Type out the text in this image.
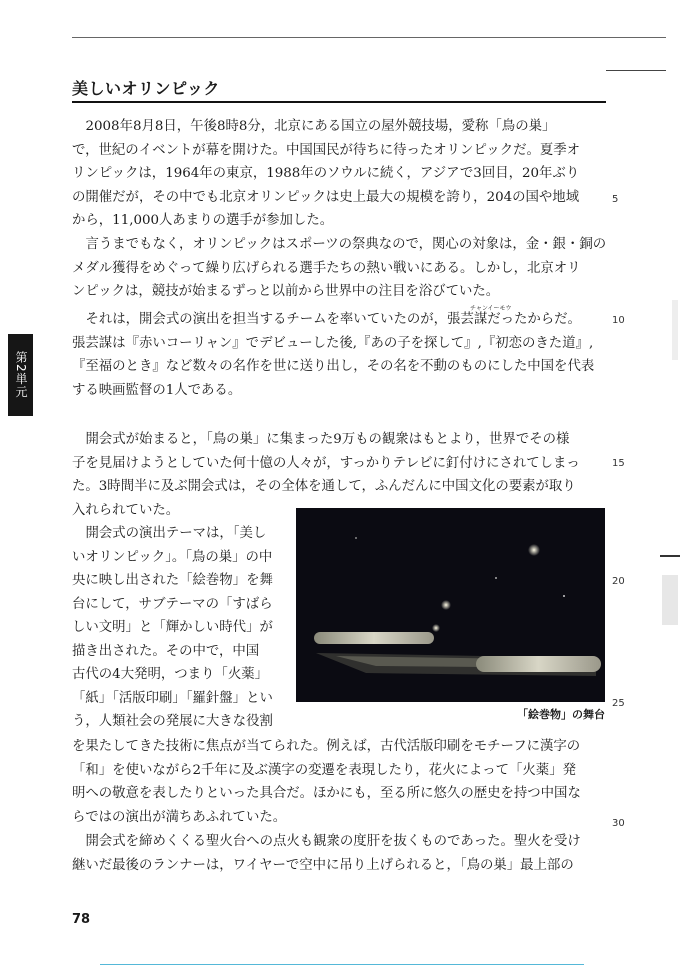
美しいオリンピック
第2単元
2008年8月8日，午後8時8分，北京にある国立の屋外競技場，愛称「鳥の巣」
で，世紀のイベントが幕を開けた。中国国民が待ちに待ったオリンピックだ。夏季オ
リンピックは，1964年の東京，1988年のソウルに続く，アジアで3回目，20年ぶり
の開催だが，その中でも北京オリンピックは史上最大の規模を誇り，204の国や地域
から，11,000人あまりの選手が参加した。
言うまでもなく，オリンピックはスポーツの祭典なので，関心の対象は，金・銀・銅の
メダル獲得をめぐって繰り広げられる選手たちの熱い戦いにある。しかし，北京オリ
ンピックは，競技が始まるずっと以前から世界中の注目を浴びていた。
チャンイーモウ
それは，開会式の演出を担当するチームを率いていたのが，張芸謀だったからだ。
張芸謀は『赤いコーリャン』でデビューした後,『あの子を探して』,『初恋のきた道』,
『至福のとき』など数々の名作を世に送り出し，その名を不動のものにした中国を代表
する映画監督の1人である。
開会式が始まると，「鳥の巣」に集まった9万もの観衆はもとより，世界でその様
子を見届けようとしていた何十億の人々が，すっかりテレビに釘付けにされてしまっ
た。3時間半に及ぶ開会式は，その全体を通して，ふんだんに中国文化の要素が取り
入れられていた。
開会式の演出テーマは，「美し
いオリンピック」。「鳥の巣」の中
央に映し出された「絵巻物」を舞
台にして，サブテーマの「すばら
しい文明」と「輝かしい時代」が
描き出された。その中で，中国
古代の4大発明，つまり「火薬」
「紙」「活版印刷」「羅針盤」とい
う，人類社会の発展に大きな役割	「絵巻物」の舞台
を果たしてきた技術に焦点が当てられた。例えば，古代活版印刷をモチーフに漢字の
「和」を使いながら2千年に及ぶ漢字の変遷を表現したり，花火によって「火薬」発
明への敬意を表したりといった具合だ。ほかにも，至る所に悠久の歴史を持つ中国な
らではの演出が満ちあふれていた。
開会式を締めくくる聖火台への点火も観衆の度肝を抜くものであった。聖火を受け
継いだ最後のランナーは，ワイヤーで空中に吊り上げられると，「鳥の巣」最上部の
5
10
15
20
25
30
78
